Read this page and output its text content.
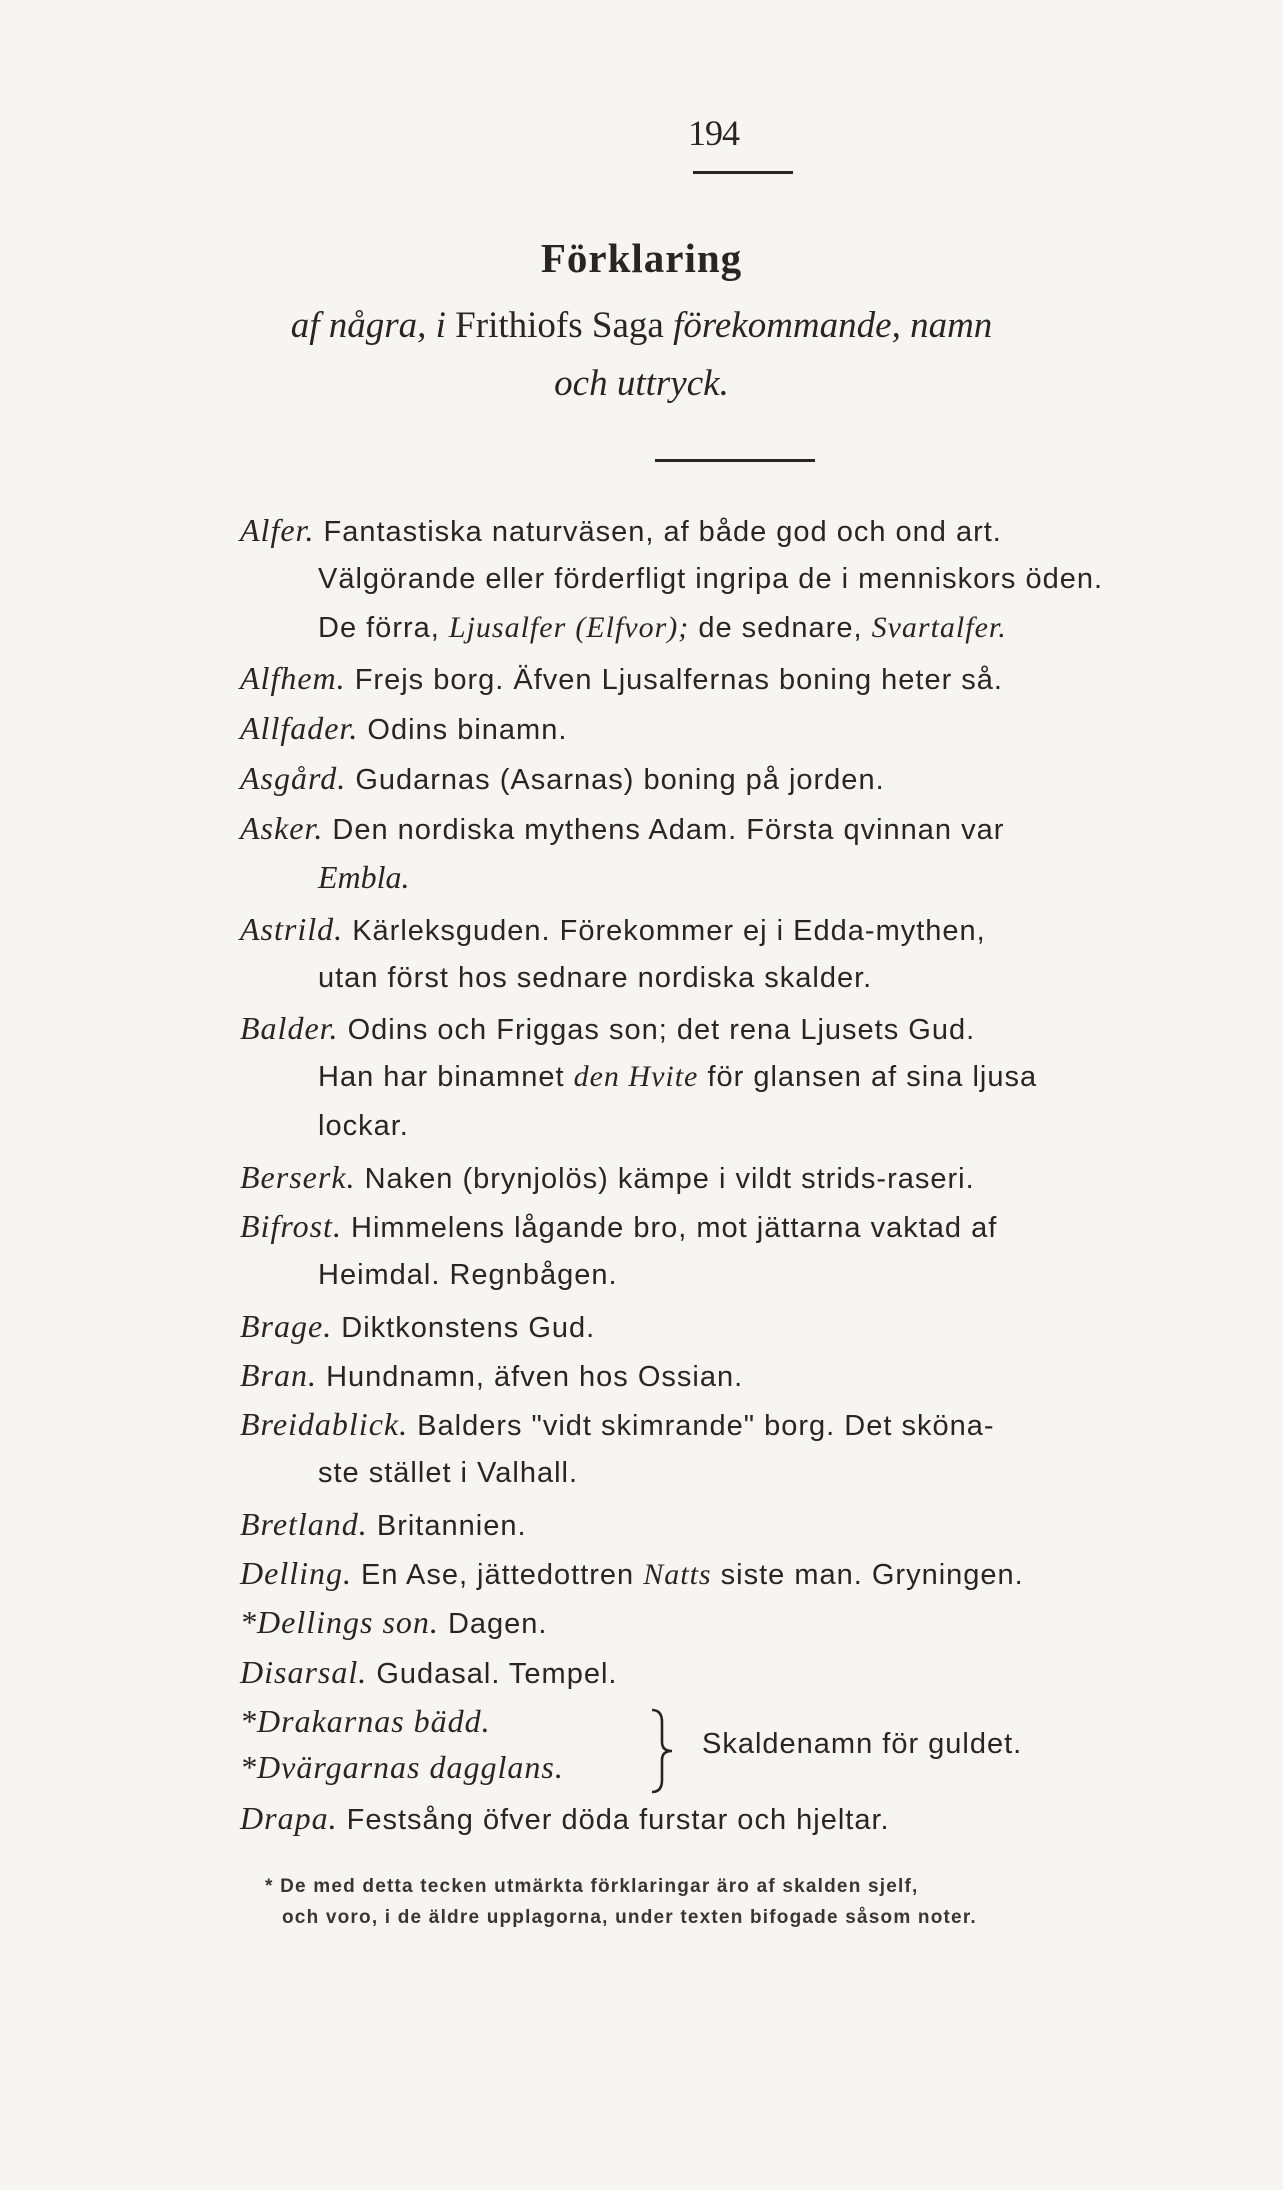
194
Förklaring
af några, i Frithiofs Saga förekommande, namn
och uttryck.
Alfer. Fantastiska naturväsen, af både god och ond art.
Välgörande eller förderfligt ingripa de i menniskors öden.
De förra, Ljusalfer (Elfvor); de sednare, Svartalfer.
Alfhem. Frejs borg. Äfven Ljusalfernas boning heter så.
Allfader. Odins binamn.
Asgård. Gudarnas (Asarnas) boning på jorden.
Asker. Den nordiska mythens Adam. Första qvinnan var
Embla.
Astrild. Kärleksguden. Förekommer ej i Edda-mythen,
utan först hos sednare nordiska skalder.
Balder. Odins och Friggas son; det rena Ljusets Gud.
Han har binamnet den Hvite för glansen af sina ljusa
lockar.
Berserk. Naken (brynjolös) kämpe i vildt strids-raseri.
Bifrost. Himmelens lågande bro, mot jättarna vaktad af
Heimdal. Regnbågen.
Brage. Diktkonstens Gud.
Bran. Hundnamn, äfven hos Ossian.
Breidablick. Balders "vidt skimrande" borg. Det sköna-
ste stället i Valhall.
Bretland. Britannien.
Delling. En Ase, jättedottren Natts siste man. Gryningen.
*Dellings son. Dagen.
Disarsal. Gudasal. Tempel.
*Drakarnas bädd.
*Dvärgarnas dagglans.
Skaldenamn för guldet.
Drapa. Festsång öfver döda furstar och hjeltar.
* De med detta tecken utmärkta förklaringar äro af skalden sjelf,
och voro, i de äldre upplagorna, under texten bifogade såsom noter.
